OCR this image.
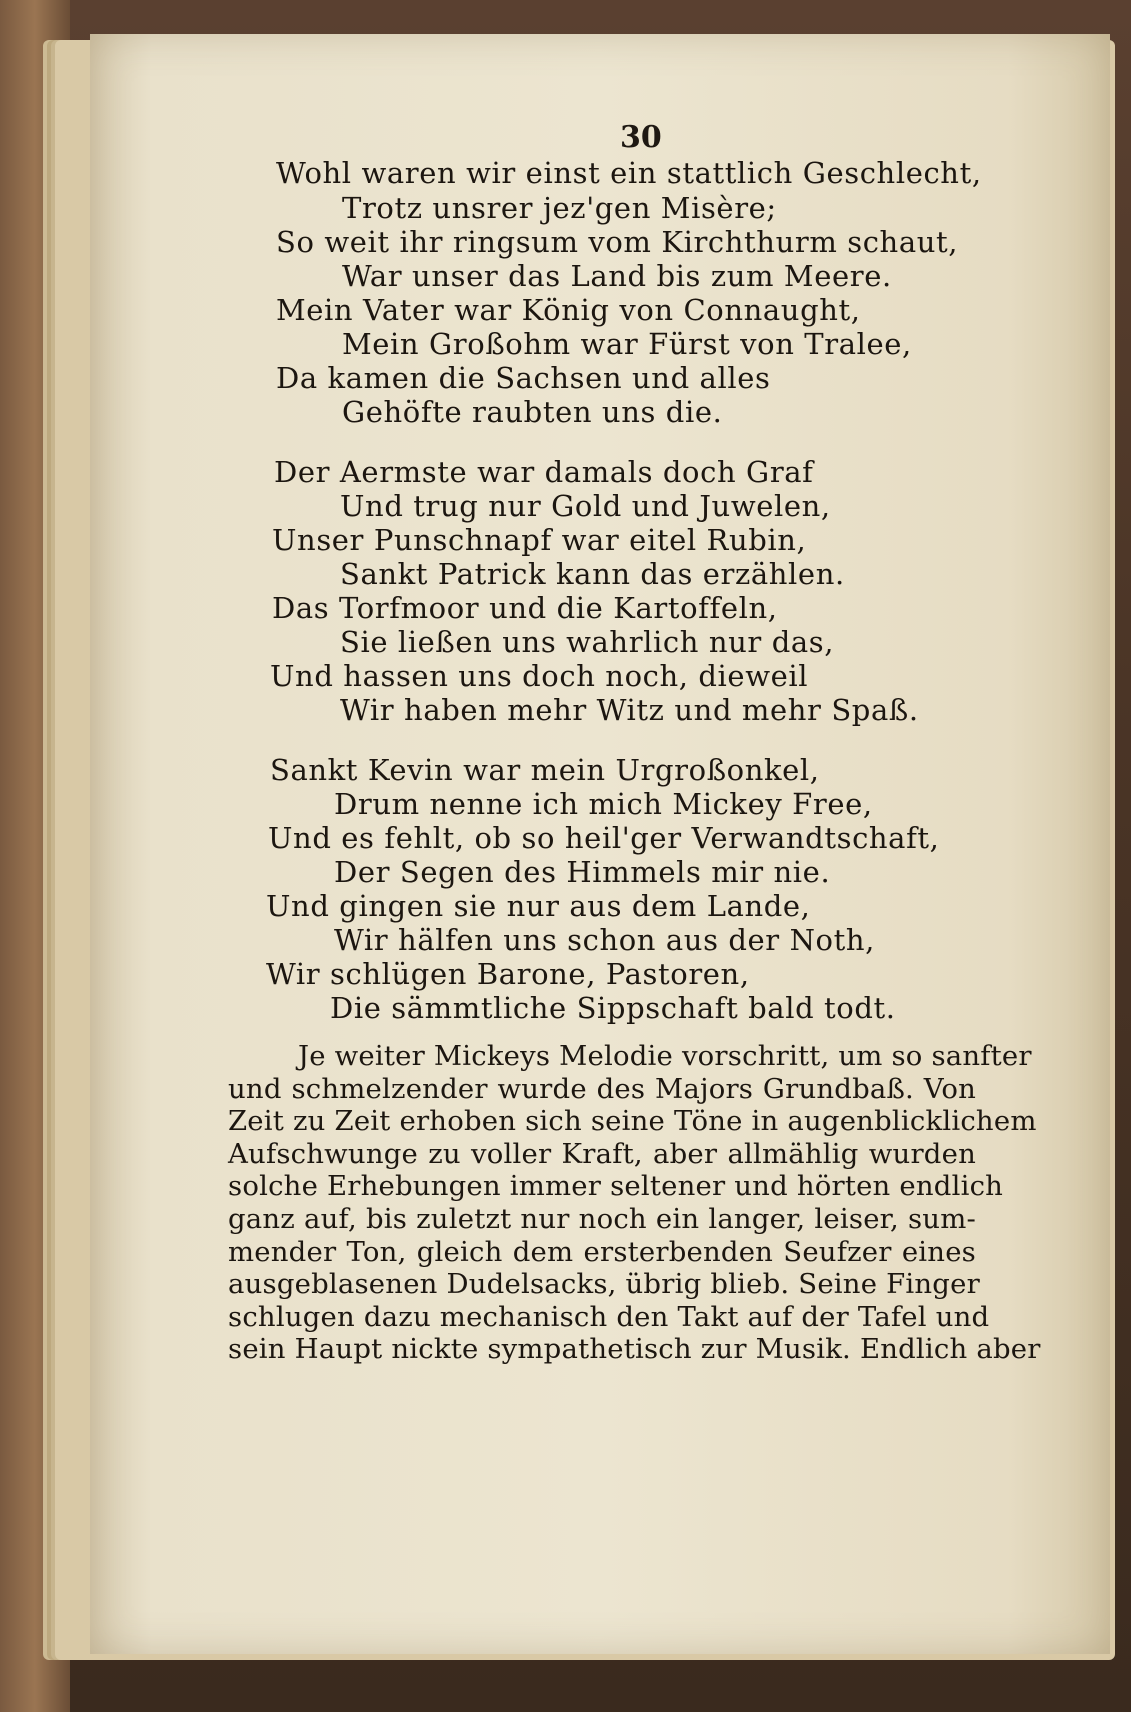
30
Wohl waren wir einst ein stattlich Geschlecht,
Trotz unsrer jez'gen Misère;
So weit ihr ringsum vom Kirchthurm schaut,
War unser das Land bis zum Meere.
Mein Vater war König von Connaught,
Mein Großohm war Fürst von Tralee,
Da kamen die Sachsen und alles
Gehöfte raubten uns die.
Der Aermste war damals doch Graf
Und trug nur Gold und Juwelen,
Unser Punschnapf war eitel Rubin,
Sankt Patrick kann das erzählen.
Das Torfmoor und die Kartoffeln,
Sie ließen uns wahrlich nur das,
Und hassen uns doch noch, dieweil
Wir haben mehr Witz und mehr Spaß.
Sankt Kevin war mein Urgroßonkel,
Drum nenne ich mich Mickey Free,
Und es fehlt, ob so heil'ger Verwandtschaft,
Der Segen des Himmels mir nie.
Und gingen sie nur aus dem Lande,
Wir hälfen uns schon aus der Noth,
Wir schlügen Barone, Pastoren,
Die sämmtliche Sippschaft bald todt.
Je weiter Mickeys Melodie vorschritt, um so sanfter
und schmelzender wurde des Majors Grundbaß. Von
Zeit zu Zeit erhoben sich seine Töne in augenblicklichem
Aufschwunge zu voller Kraft, aber allmählig wurden
solche Erhebungen immer seltener und hörten endlich
ganz auf, bis zuletzt nur noch ein langer, leiser, sum-
mender Ton, gleich dem ersterbenden Seufzer eines
ausgeblasenen Dudelsacks, übrig blieb. Seine Finger
schlugen dazu mechanisch den Takt auf der Tafel und
sein Haupt nickte sympathetisch zur Musik. Endlich aber
